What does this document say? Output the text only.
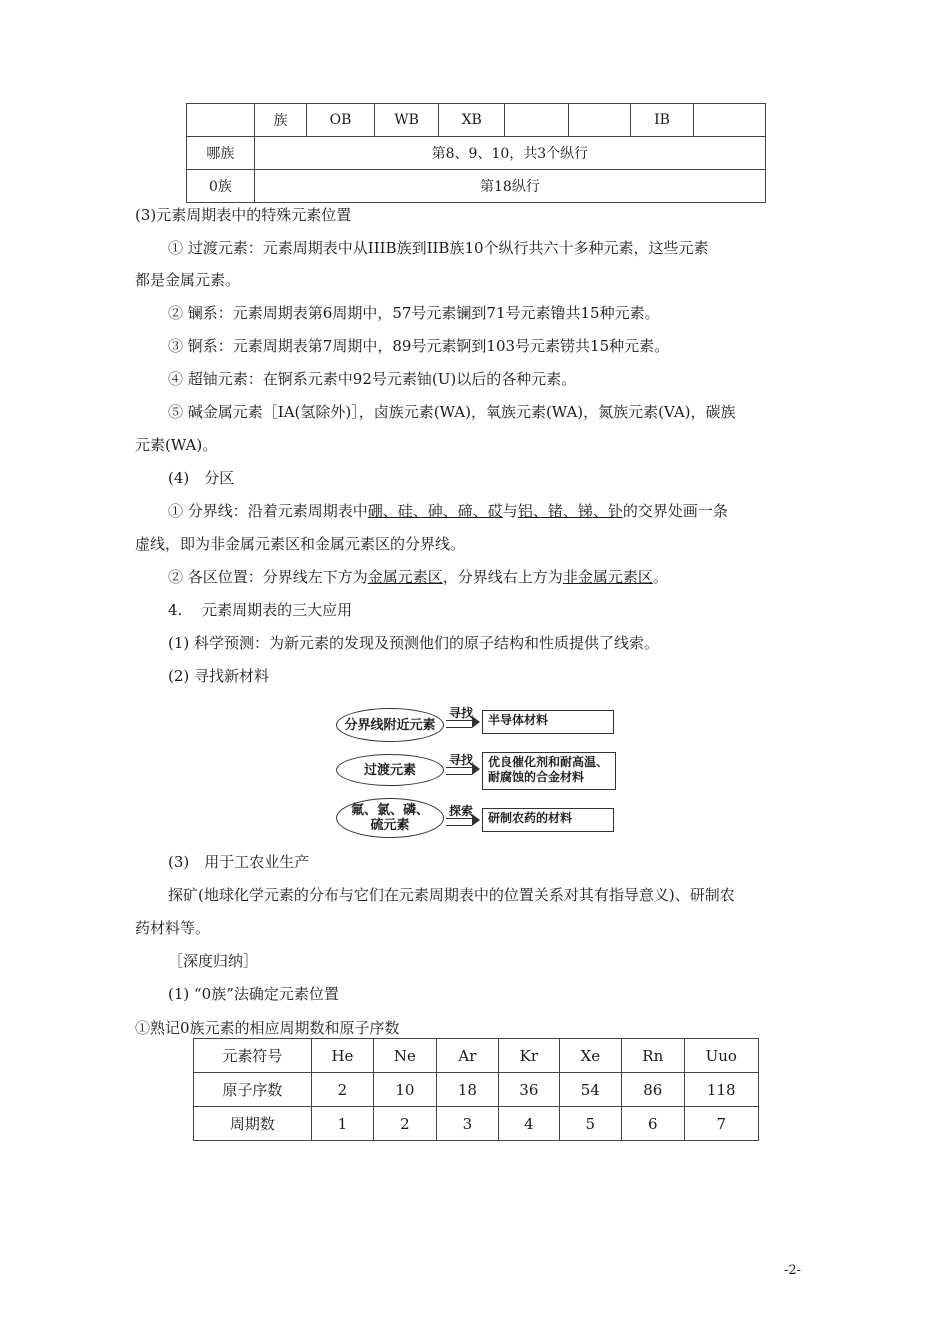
	族	OB	WB	XB			IB	
哪族	第8、9、10，共3个纵行							
0族	第18纵行							
(3)元素周期表中的特殊元素位置
① 过渡元素：元素周期表中从IIIB族到IIB族10个纵行共六十多种元素，这些元素
都是金属元素。
② 镧系：元素周期表第6周期中，57号元素镧到71号元素镥共15种元素。
③ 锕系：元素周期表第7周期中，89号元素锕到103号元素铹共15种元素。
④ 超铀元素：在锕系元素中92号元素铀(U)以后的各种元素。
⑤ 碱金属元素［IA(氢除外)］，卤族元素(WA)，氧族元素(WA)，氮族元素(VA)，碳族
元素(WA)。
(4)　分区
① 分界线：沿着元素周期表中硼、硅、砷、碲、砹与铝、锗、锑、钋的交界处画一条
虚线，即为非金属元素区和金属元素区的分界线。
② 各区位置：分界线左下方为金属元素区，分界线右上方为非金属元素区。
4.　 元素周期表的三大应用
(1) 科学预测：为新元素的发现及预测他们的原子结构和性质提供了线索。
(2) 寻找新材料
分界线附近元素
过渡元素
氟、氯、磷、
硫元素
寻找
寻找
探索
半导体材料
优良催化剂和耐高温、
耐腐蚀的合金材料
研制农药的材料
(3)　用于工农业生产
探矿(地球化学元素的分布与它们在元素周期表中的位置关系对其有指导意义)、研制农
药材料等。
［深度归纳］
(1) “0族”法确定元素位置
①熟记0族元素的相应周期数和原子序数
元素符号	He	Ne	Ar	Kr	Xe	Rn	Uuo
原子序数	2	10	18	36	54	86	118
周期数	1	2	3	4	5	6	7
-2-
